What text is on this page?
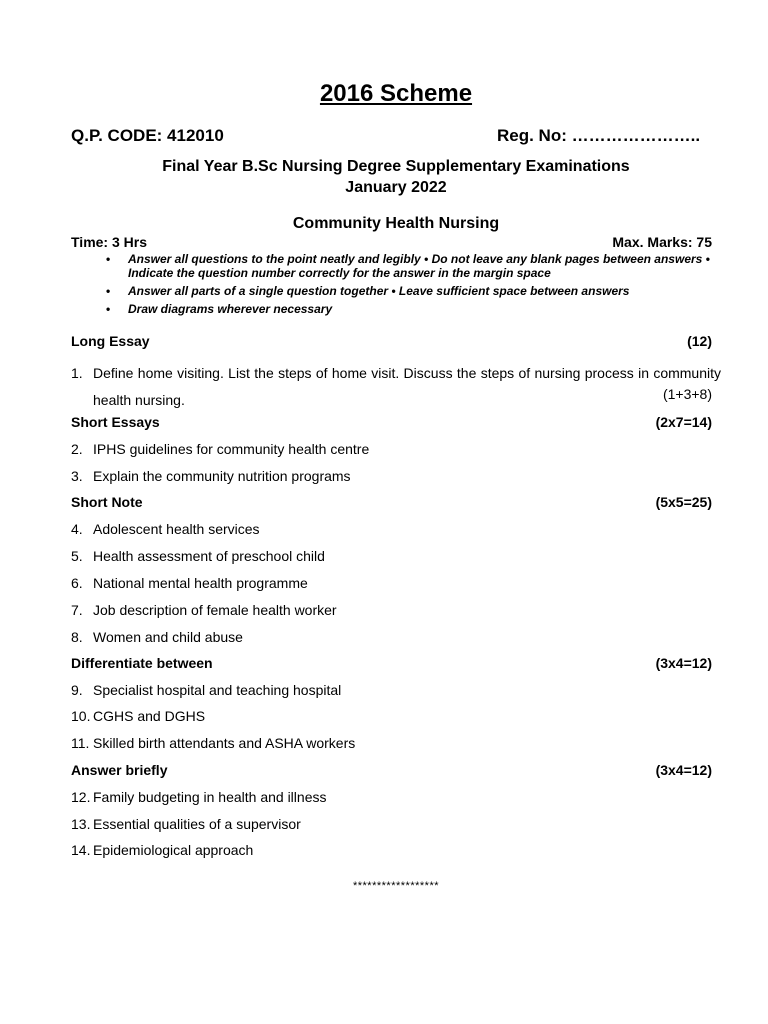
2016 Scheme
Q.P. CODE: 412010	Reg. No: …………………..
Final Year B.Sc Nursing Degree Supplementary Examinations
January 2022
Community Health Nursing
Time: 3 Hrs	Max. Marks: 75
• Answer all questions to the point neatly and legibly • Do not leave any blank pages between answers • Indicate the question number correctly for the answer in the margin space
• Answer all parts of a single question together • Leave sufficient space between answers
• Draw diagrams wherever necessary
Long Essay	(12)
1. Define home visiting. List the steps of home visit. Discuss the steps of nursing process in community health nursing.	(1+3+8)
Short Essays	(2x7=14)
2. IPHS guidelines for community health centre
3. Explain the community nutrition programs
Short Note	(5x5=25)
4. Adolescent health services
5. Health assessment of preschool child
6. National mental health programme
7. Job description of female health worker
8. Women and child abuse
Differentiate between	(3x4=12)
9. Specialist hospital and teaching hospital
10. CGHS and DGHS
11. Skilled birth attendants and ASHA workers
Answer briefly	(3x4=12)
12. Family budgeting in health and illness
13. Essential qualities of a supervisor
14. Epidemiological approach
******************
